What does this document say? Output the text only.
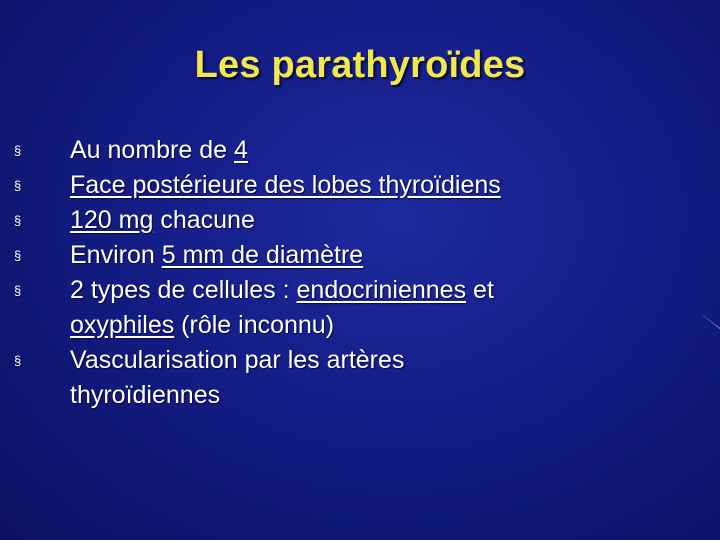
Les parathyroïdes
§ Au nombre de 4
§ Face postérieure des lobes thyroïdiens
§ 120 mg chacune
§ Environ 5 mm de diamètre
§ 2 types de cellules : endocriniennes et
oxyphiles (rôle inconnu)
§ Vascularisation par les artères
thyroïdiennes
